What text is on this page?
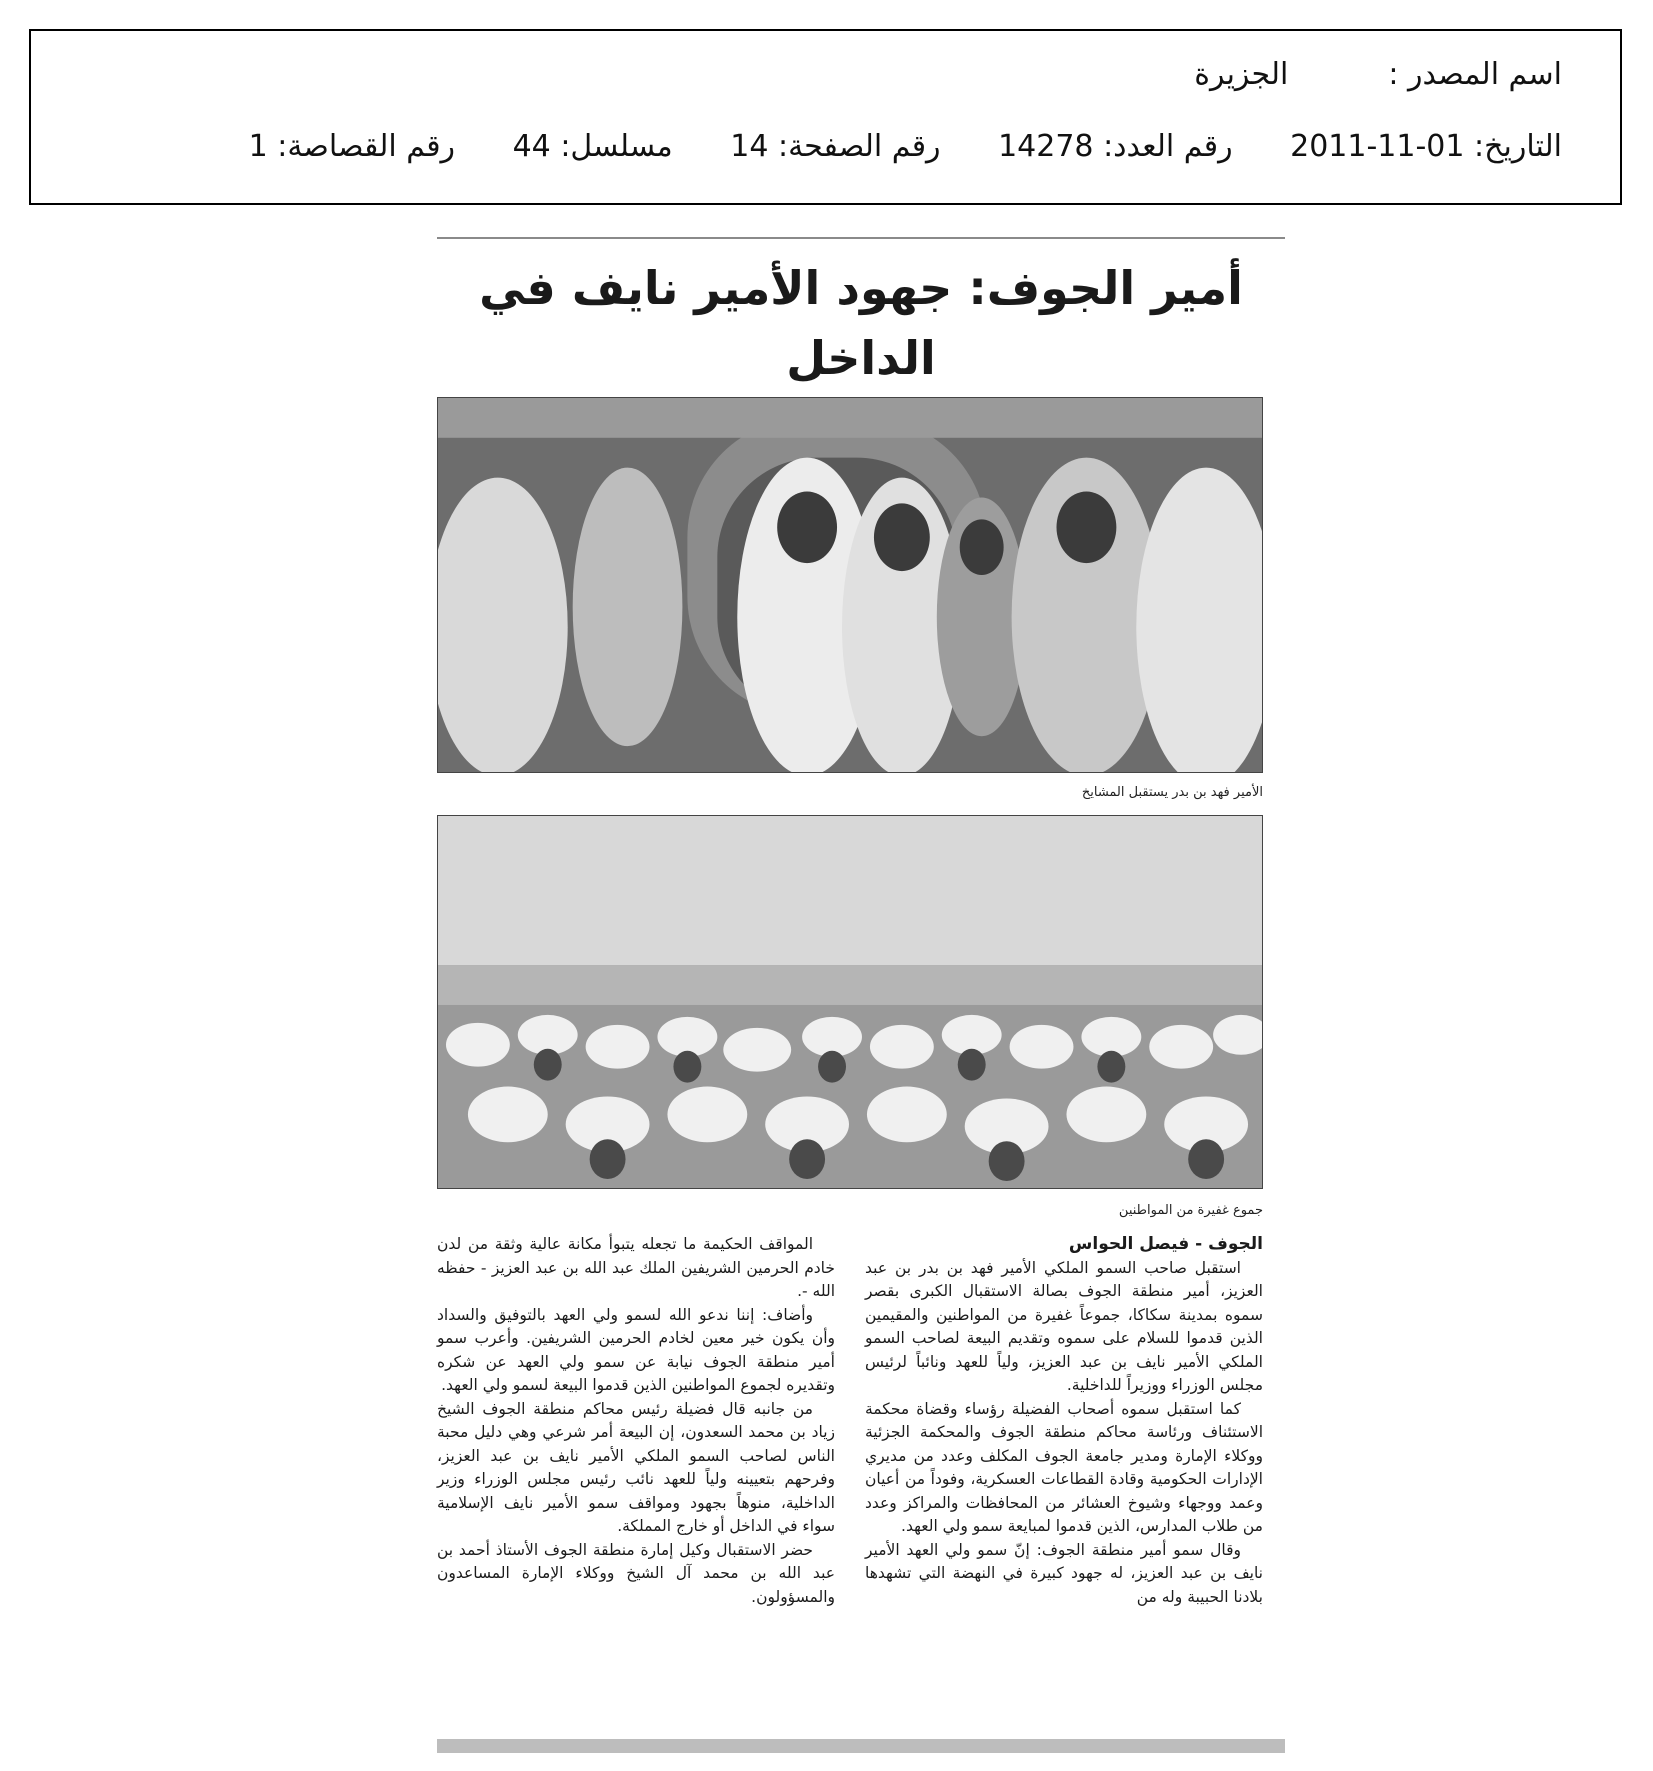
اسم المصدر :الجزيرة
التاريخ: 2011-11-01 رقم العدد: 14278 رقم الصفحة: 14 مسلسل: 44 رقم القصاصة: 1
أمير الجوف: جهود الأمير نايف في الداخل
الأمير فهد بن بدر يستقبل المشايخ
جموع غفيرة من المواطنين

الجوف - فيصل الحواس

استقبل صاحب السمو الملكي الأمير فهد بن بدر بن عبد العزيز، أمير منطقة الجوف بصالة الاستقبال الكبرى بقصر سموه بمدينة سكاكا، جموعاً غفيرة من المواطنين والمقيمين الذين قدموا للسلام على سموه وتقديم البيعة لصاحب السمو الملكي الأمير نايف بن عبد العزيز، ولياً للعهد ونائباً لرئيس مجلس الوزراء ووزيراً للداخلية.

كما استقبل سموه أصحاب الفضيلة رؤساء وقضاة محكمة الاستئناف ورئاسة محاكم منطقة الجوف والمحكمة الجزئية ووكلاء الإمارة ومدير جامعة الجوف المكلف وعدد من مديري الإدارات الحكومية وقادة القطاعات العسكرية، وفوداً من أعيان وعمد ووجهاء وشيوخ العشائر من المحافظات والمراكز وعدد من طلاب المدارس، الذين قدموا لمبايعة سمو ولي العهد.

وقال سمو أمير منطقة الجوف: إنّ سمو ولي العهد الأمير نايف بن عبد العزيز، له جهود كبيرة في النهضة التي تشهدها بلادنا الحبيبة وله من

المواقف الحكيمة ما تجعله يتبوأ مكانة عالية وثقة من لدن خادم الحرمين الشريفين الملك عبد الله بن عبد العزيز - حفظه الله -.

وأضاف: إننا ندعو الله لسمو ولي العهد بالتوفيق والسداد وأن يكون خير معين لخادم الحرمين الشريفين. وأعرب سمو أمير منطقة الجوف نيابة عن سمو ولي العهد عن شكره وتقديره لجموع المواطنين الذين قدموا البيعة لسمو ولي العهد.

من جانبه قال فضيلة رئيس محاكم منطقة الجوف الشيخ زياد بن محمد السعدون، إن البيعة أمر شرعي وهي دليل محبة الناس لصاحب السمو الملكي الأمير نايف بن عبد العزيز، وفرحهم بتعيينه ولياً للعهد نائب رئيس مجلس الوزراء وزير الداخلية، منوهاً بجهود ومواقف سمو الأمير نايف الإسلامية سواء في الداخل أو خارج المملكة.

حضر الاستقبال وكيل إمارة منطقة الجوف الأستاذ أحمد بن عبد الله بن محمد آل الشيخ ووكلاء الإمارة المساعدون والمسؤولون.
